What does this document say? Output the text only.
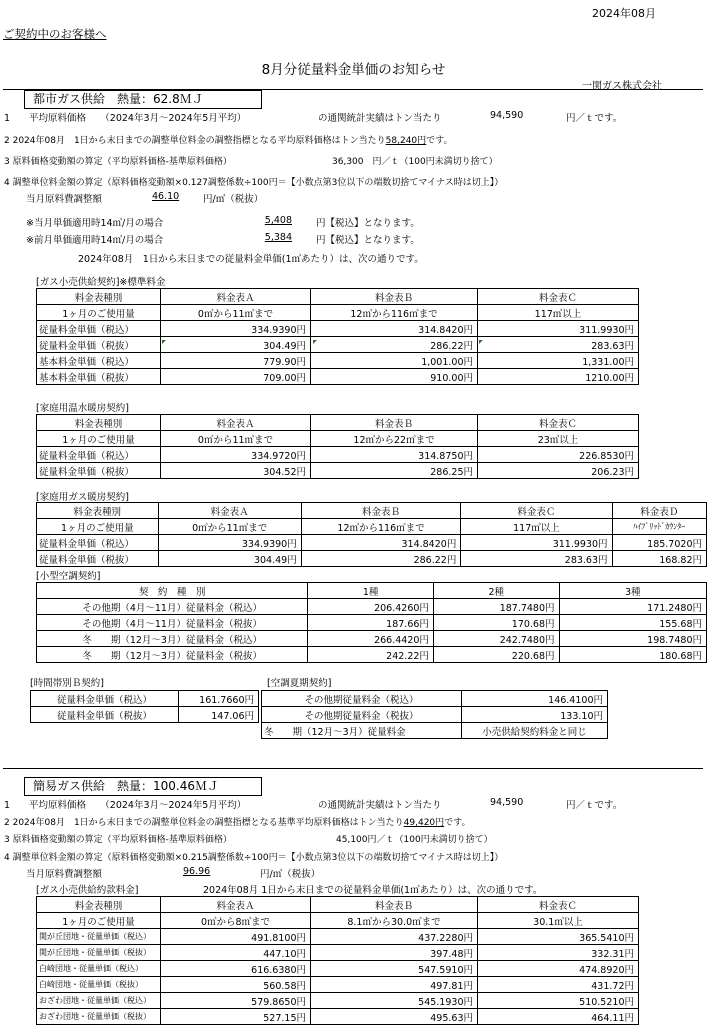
2024年08月
ご契約中のお客様へ
8月分従量料金単価のお知らせ
一関ガス株式会社
都市ガス供給　熱量：62.8ＭＪ
1　　平均原料価格　　（2024年3月～2024年5月平均）	の通関統計実績はトン当たり	94,590	円／ｔです。
2 2024年08月　1日から末日までの調整単位料金の調整指標となる平均原料価格はトン当たり58,240円です。
3 原料価格変動額の算定（平均原料価格-基準原料価格）	36,300　円／ｔ（100円未満切り捨て）
4 調整単位料金額の算定（原料価格変動額×0.127調整係数÷100円＝【小数点第3位以下の端数切捨てマイナス時は切上】）
当月原料費調整額	46.10	円/㎥（税抜）
※当月単価適用時14㎥/月の場合	5,408	円【税込】となります。
※前月単価適用時14㎥/月の場合	5,384	円【税込】となります。
2024年08月　1日から末日までの従量料金単価(1㎥あたり）は、次の通りです。
[ガス小売供給契約]※標準料金
料金表種別	料金表Ａ	料金表Ｂ	料金表Ｃ
1ヶ月のご使用量	0㎥から11㎥まで	12㎥から116㎥まで	117㎥以上
従量料金単価（税込）	334.9390円	314.8420円	311.9930円
従量料金単価（税抜）	304.49円	286.22円	283.63円
基本料金単価（税込）	779.90円	1,001.00円	1,331.00円
基本料金単価（税抜）	709.00円	910.00円	1210.00円
[家庭用温水暖房契約]
料金表種別	料金表Ａ	料金表Ｂ	料金表Ｃ
1ヶ月のご使用量	0㎥から11㎥まで	12㎥から22㎥まで	23㎥以上
従量料金単価（税込）	334.9720円	314.8750円	226.8530円
従量料金単価（税抜）	304.52円	286.25円	206.23円
[家庭用ガス暖房契約]
料金表種別	料金表Ａ	料金表Ｂ	料金表Ｃ	料金表Ｄ
1ヶ月のご使用量	0㎥から11㎥まで	12㎥から116㎥まで	117㎥以上	ﾊｲﾌﾞﾘｯﾄﾞｶｳﾝﾀｰ
従量料金単価（税込）	334.9390円	314.8420円	311.9930円	185.7020円
従量料金単価（税抜）	304.49円	286.22円	283.63円	168.82円
[小型空調契約]
契　約　種　別	1種	2種	3種
その他期（4月～11月）従量料金（税込）	206.4260円	187.7480円	171.2480円
その他期（4月～11月）従量料金（税抜）	187.66円	170.68円	155.68円
冬　　期（12月～3月）従量料金（税込）	266.4420円	242.7480円	198.7480円
冬　　期（12月～3月）従量料金（税抜）	242.22円	220.68円	180.68円
[時間帯別Ｂ契約]
従量料金単価（税込）	161.7660円
従量料金単価（税抜）	147.06円
[空調夏期契約]
その他期従量料金（税込）	146.4100円
その他期従量料金（税抜）	133.10円
冬　　期（12月～3月）従量料金	小売供給契約料金と同じ
簡易ガス供給　熱量：100.46ＭＪ
1　　平均原料価格　　（2024年3月～2024年5月平均）	の通関統計実績はトン当たり	94,590	円／ｔです。
2 2024年08月　1日から末日までの調整単位料金の調整指標となる基準平均原料価格はトン当たり49,420円です。
3 原料価格変動額の算定（平均原料価格-基準原料価格）	45,100円／ｔ（100円未満切り捨て）
4 調整単位料金額の算定（原料価格変動額×0.215調整係数÷100円＝【小数点第3位以下の端数切捨てマイナス時は切上】）
当月原料費調整額	96.96	円/㎥（税抜）
[ガス小売供給約款料金]	2024年08月 1日から末日までの従量料金単価(1㎥あたり）は、次の通りです。
料金表種別	料金表Ａ	料金表Ｂ	料金表Ｃ
1ヶ月のご使用量	0㎥から8㎥まで	8.1㎥から30.0㎥まで	30.1㎥以上
関が丘団地・従量単価（税込）	491.8100円	437.2280円	365.5410円
関が丘団地・従量単価（税抜）	447.10円	397.48円	332.31円
白崎団地・従量単価（税込）	616.6380円	547.5910円	474.8920円
白崎団地・従量単価（税抜）	560.58円	497.81円	431.72円
おざわ団地・従量単価（税込）	579.8650円	545.1930円	510.5210円
おざわ団地・従量単価（税抜）	527.15円	495.63円	464.11円
